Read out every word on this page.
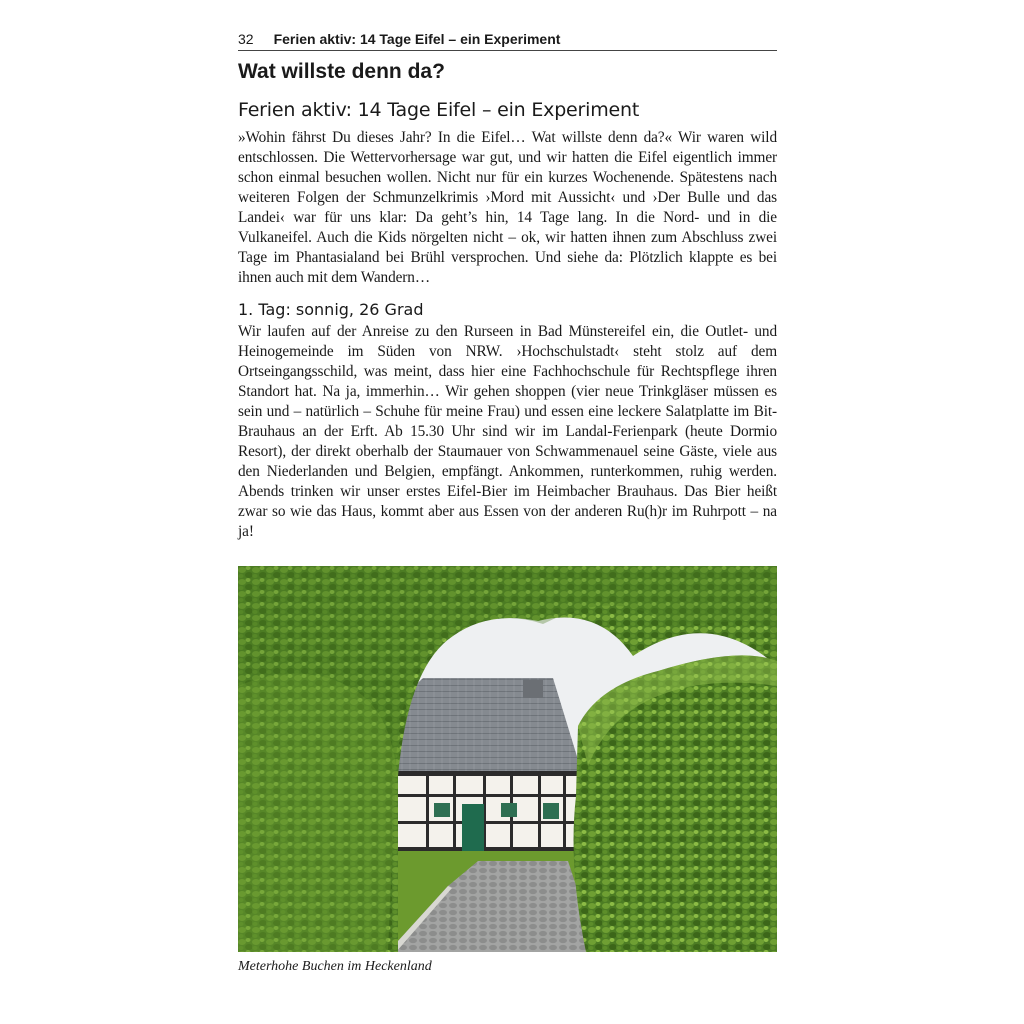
32 Ferien aktiv: 14 Tage Eifel – ein Experiment
Wat willste denn da?
Ferien aktiv: 14 Tage Eifel – ein Experiment

»Wohin fährst Du dieses Jahr? In die Eifel… Wat willste denn da?« Wir waren wild entschlossen. Die Wettervorhersage war gut, und wir hatten die Eifel eigentlich immer schon einmal besuchen wollen. Nicht nur für ein kurzes Wochenende. Spätestens nach weiteren Folgen der Schmunzelkrimis ›Mord mit Aussicht‹ und ›Der Bulle und das Landei‹ war für uns klar: Da geht’s hin, 14 Tage lang. In die Nord- und in die Vulkaneifel. Auch die Kids nörgelten nicht – ok, wir hatten ihnen zum Abschluss zwei Tage im Phantasialand bei Brühl versprochen. Und siehe da: Plötzlich klappte es bei ihnen auch mit dem Wandern…

1. Tag: sonnig, 26 Grad

Wir laufen auf der Anreise zu den Rurseen in Bad Münstereifel ein, die Outlet- und Heinogemeinde im Süden von NRW. ›Hochschulstadt‹ steht stolz auf dem Ortseingangsschild, was meint, dass hier eine Fachhochschule für Rechtspflege ihren Standort hat. Na ja, immerhin… Wir gehen shoppen (vier neue Trinkgläser müssen es sein und – natürlich – Schuhe für meine Frau) und essen eine leckere Salatplatte im Bit-Brauhaus an der Erft. Ab 15.30 Uhr sind wir im Landal-Ferienpark (heute Dormio Resort), der direkt oberhalb der Staumauer von Schwammenauel seine Gäste, viele aus den Niederlanden und Belgien, empfängt. Ankommen, runterkommen, ruhig werden. Abends trinken wir unser erstes Eifel-Bier im Heimbacher Brauhaus. Das Bier heißt zwar so wie das Haus, kommt aber aus Essen von der anderen Ru(h)r im Ruhrpott – na ja!

Meterhohe Buchen im Heckenland
